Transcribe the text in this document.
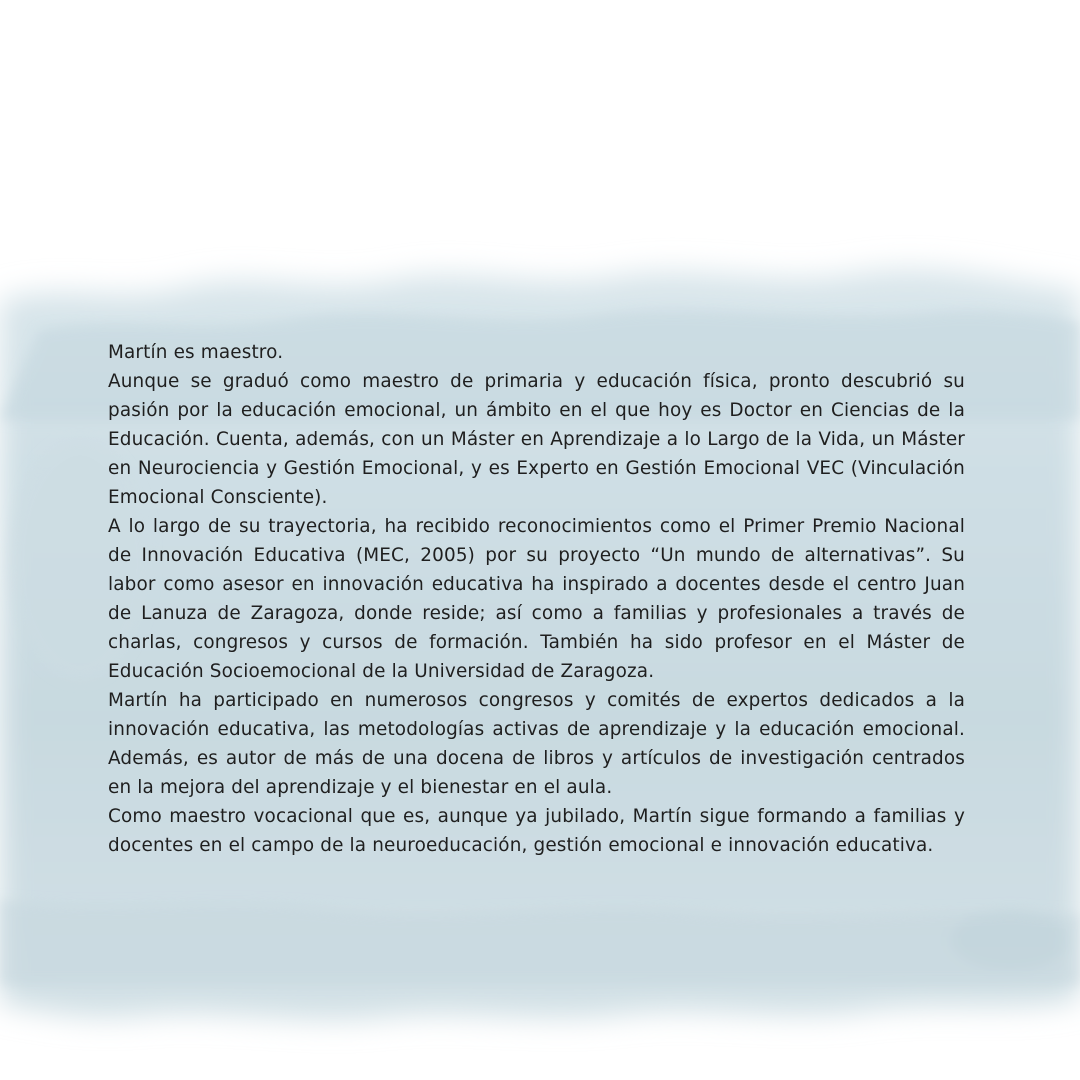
Martín es maestro.

Aunque se graduó como maestro de primaria y educación física, pronto descubrió su pasión por la educación emocional, un ámbito en el que hoy es Doctor en Ciencias de la Educación. Cuenta, además, con un Máster en Aprendizaje a lo Largo de la Vida, un Máster en Neurociencia y Gestión Emocional, y es Experto en Gestión Emocional VEC (Vinculación Emocional Consciente).

A lo largo de su trayectoria, ha recibido reconocimientos como el Primer Premio Nacional de Innovación Educativa (MEC, 2005) por su proyecto “Un mundo de alternativas”. Su labor como asesor en innovación educativa ha inspirado a docentes desde el centro Juan de Lanuza de Zaragoza, donde reside; así como a familias y profesionales a través de charlas, congresos y cursos de formación. También ha sido profesor en el Máster de Educación Socioemocional de la Universidad de Zaragoza.

Martín ha participado en numerosos congresos y comités de expertos dedicados a la innovación educativa, las metodologías activas de aprendizaje y la educación emocional. Además, es autor de más de una docena de libros y artículos de investigación centrados en la mejora del aprendizaje y el bienestar en el aula.

Como maestro vocacional que es, aunque ya jubilado, Martín sigue formando a familias y docentes en el campo de la neuroeducación, gestión emocional e innovación educativa.
